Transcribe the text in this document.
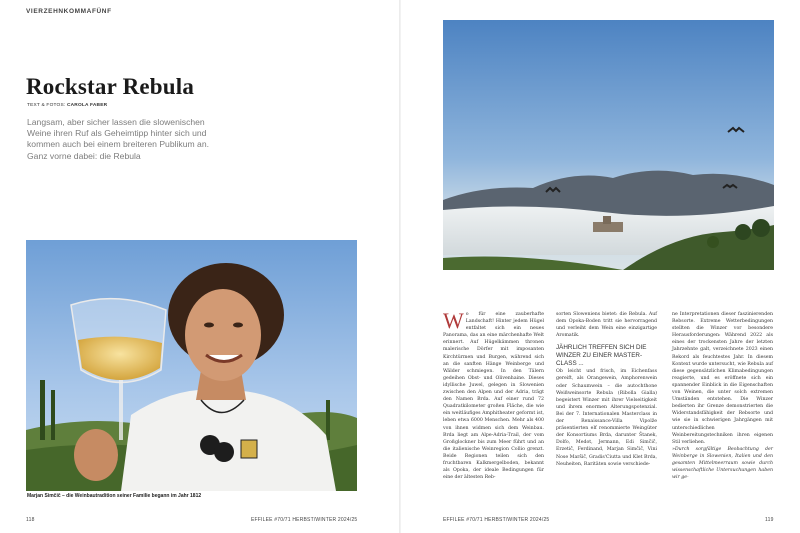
VIERZEHNKOMMAFÜNF
Rockstar Rebula
TEXT & FOTOS: CAROLA FABER

Langsam, aber sicher lassen die slowenischen Weine ihren Ruf als Geheimtipp hinter sich und kommen auch bei einem breiteren Publikum an. Ganz vorne dabei: die Rebula

Marjan Simčič – die Weinbautradition seiner Familie begann im Jahr 1812
118	EFFILEE #70/71 HERBST/WINTER 2024/25
Wo für eine zauberhafte Landschaft! Hinter jedem Hügel entfaltet sich ein neues Panorama, das an eine märchenhafte Welt erinnert. Auf Hügelkämmen thronen malerische Dörfer mit imposanten Kirchtürmen und Burgen, während sich an die sanften Hänge Weinberge und Wälder schmiegen. In den Tälern gedeihen Obst- und Olivenhaine. Dieses idyllische Juwel, gelegen in Slowenien zwischen den Alpen und der Adria, trägt den Namen Brda. Auf einer rund 72 Quadratkilometer großen Fläche, die wie ein weitläufiges Amphitheater geformt ist, leben etwa 6000 Menschen. Mehr als 400 von ihnen widmen sich dem Weinbau. Brda liegt am Alpe-Adria-Trail, der vom Großglockner bis zum Meer führt und an die italienische Weinregion Collio grenzt. Beide Regionen teilen sich den fruchtbaren Kalkmergelboden, bekannt als Opoka, der ideale Bedingungen für eine der ältesten Reb-

sorten Sloweniens bietet: die Rebula. Auf dem Opoka-Boden tritt sie hervorragend und verleiht dem Wein eine einzigartige Aromatik.

JÄHRLICH TREFFEN SICH DIE WINZER ZU EINER MASTER-CLASS ...

Ob leicht und frisch, im Eichenfass gereift, als Orangewein, Amphorenwein oder Schaumwein – die autochthone Weißweinsorte Rebula (Ribolla Gialla) begeistert Winzer mit ihrer Vielseitigkeit und ihrem enormen Alterungspotenzial. Bei der 7. Internationalen Masterclass in der Renaissance-Villa Vipolže präsentierten elf renommierte Weingüter der Konsortiums Brda, darunter Štanek, Dolfo, Medot, Jermann, Edi Simčič, Erzetič, Ferdinand, Marjan Simčič, Vini Nose Maršič, Gradis'Ciutta und Klet Brda, Neuheiten, Raritäten sowie verschiede-

ne Interpretationen dieser faszinierenden Rebsorte. Extreme Wetterbedingungen stellten die Winzer vor besondere Herausforderungen: Während 2022 als eines der trockensten Jahre der letzten Jahrzehnte galt, verzeichnete 2023 einen Rekord als feuchtestes Jahr. In diesem Kontext wurde untersucht, wie Rebula auf diese gegensätzlichen Klimabedingungen reagierte, und es eröffnete sich ein spannender Einblick in die Eigenschaften von Weinen, die unter solch extremen Umständen entstehen. Die Winzer bedierten ihr Grenze demonstrierten die Widerstandsfähigkeit der Rebsorte und wie sie in schwierigen Jahrgängen mit unterschiedlichen Weinbereitungstechniken ihren eigenen Stil verliehen.

»Durch sorgfältige Beobachtung der Weinberge in Slowenien, Italien und den gesamten Mittelmeerraum sowie durch wissenschaftliche Untersuchungen haben wir ge-

EFFILEE #70/71 HERBST/WINTER 2024/25	119
